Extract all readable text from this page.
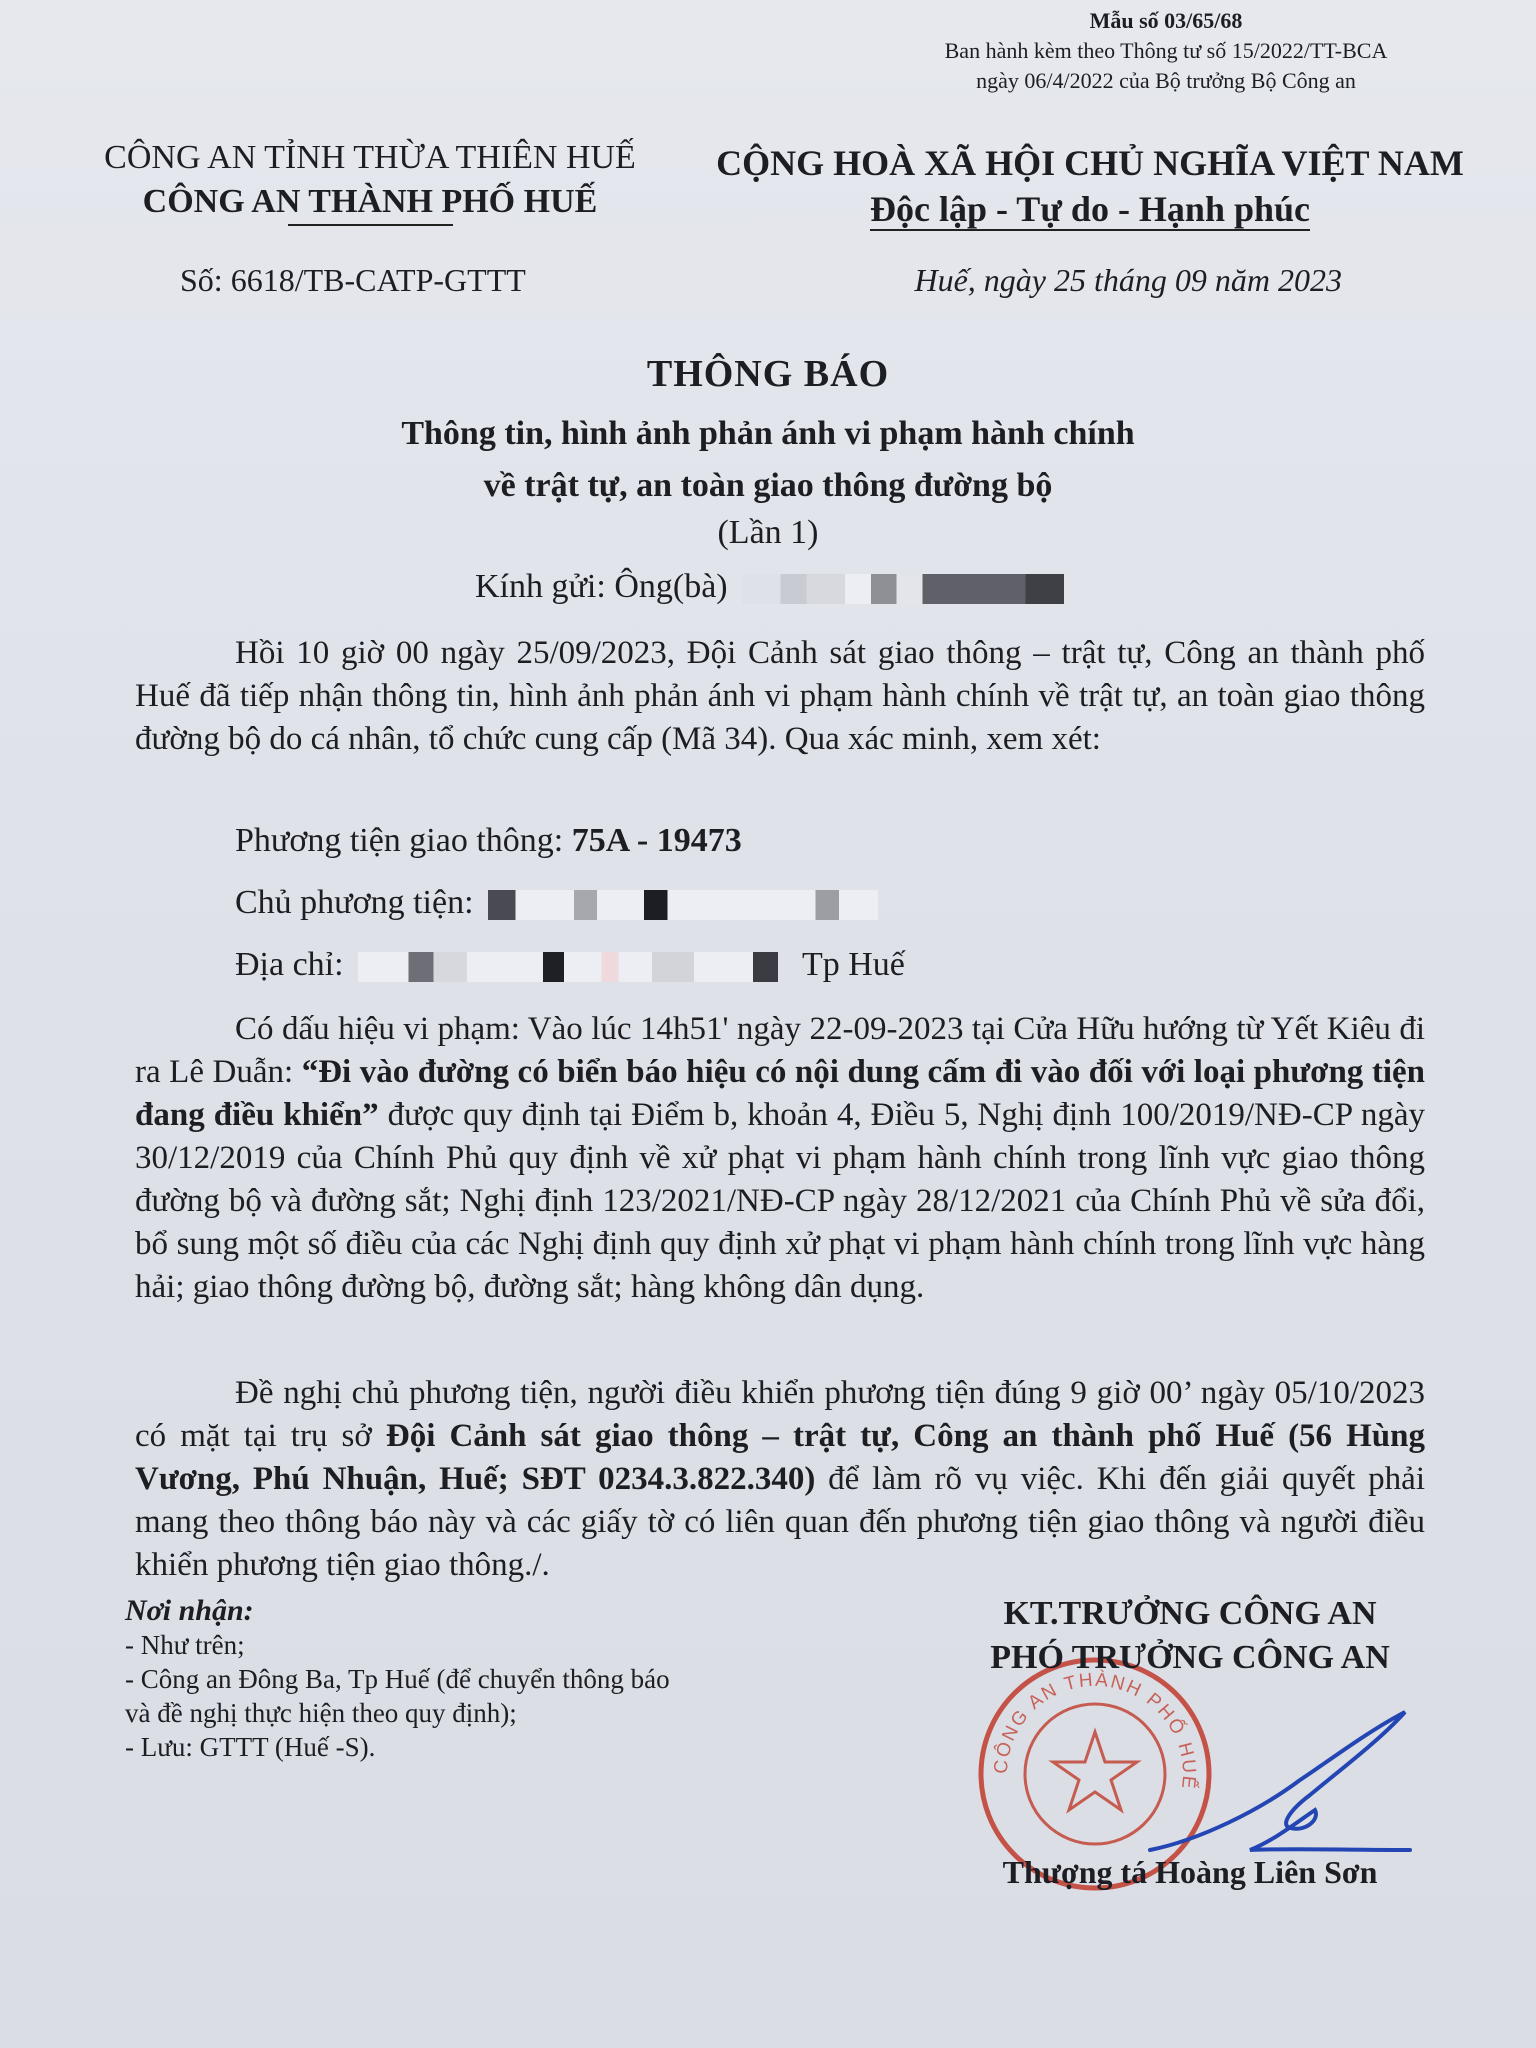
Mẫu số 03/65/68
Ban hành kèm theo Thông tư số 15/2022/TT-BCA
ngày 06/4/2022 của Bộ trưởng Bộ Công an
CÔNG AN TỈNH THỪA THIÊN HUẾ
CÔNG AN THÀNH PHỐ HUẾ
CỘNG HOÀ XÃ HỘI CHỦ NGHĨA VIỆT NAM
Độc lập - Tự do - Hạnh phúc
Số: 6618/TB-CATP-GTTT	Huế, ngày 25 tháng 09 năm 2023
THÔNG BÁO
Thông tin, hình ảnh phản ánh vi phạm hành chính
về trật tự, an toàn giao thông đường bộ
(Lần 1)
Kính gửi: Ông(bà)
Hồi 10 giờ 00 ngày 25/09/2023, Đội Cảnh sát giao thông – trật tự, Công an thành phố Huế đã tiếp nhận thông tin, hình ảnh phản ánh vi phạm hành chính về trật tự, an toàn giao thông đường bộ do cá nhân, tổ chức cung cấp (Mã 34). Qua xác minh, xem xét:
Phương tiện giao thông: 75A - 19473
Chủ phương tiện:
Địa chỉ:	Tp Huế
Có dấu hiệu vi phạm: Vào lúc 14h51' ngày 22-09-2023 tại Cửa Hữu hướng từ Yết Kiêu đi ra Lê Duẫn: “Đi vào đường có biển báo hiệu có nội dung cấm đi vào đối với loại phương tiện đang điều khiển” được quy định tại Điểm b, khoản 4, Điều 5, Nghị định 100/2019/NĐ-CP ngày 30/12/2019 của Chính Phủ quy định về xử phạt vi phạm hành chính trong lĩnh vực giao thông đường bộ và đường sắt; Nghị định 123/2021/NĐ-CP ngày 28/12/2021 của Chính Phủ về sửa đổi, bổ sung một số điều của các Nghị định quy định xử phạt vi phạm hành chính trong lĩnh vực hàng hải; giao thông đường bộ, đường sắt; hàng không dân dụng.
Đề nghị chủ phương tiện, người điều khiển phương tiện đúng 9 giờ 00’ ngày 05/10/2023 có mặt tại trụ sở Đội Cảnh sát giao thông – trật tự, Công an thành phố Huế (56 Hùng Vương, Phú Nhuận, Huế; SĐT 0234.3.822.340) để làm rõ vụ việc. Khi đến giải quyết phải mang theo thông báo này và các giấy tờ có liên quan đến phương tiện giao thông và người điều khiển phương tiện giao thông./.
Nơi nhận:
- Như trên;
- Công an Đông Ba, Tp Huế (để chuyển thông báo
và đề nghị thực hiện theo quy định);
- Lưu: GTTT (Huế -S).
CÔNG AN THÀNH PHỐ HUẾ
KT.TRƯỞNG CÔNG AN
PHÓ TRƯỞNG CÔNG AN
Thượng tá Hoàng Liên Sơn
